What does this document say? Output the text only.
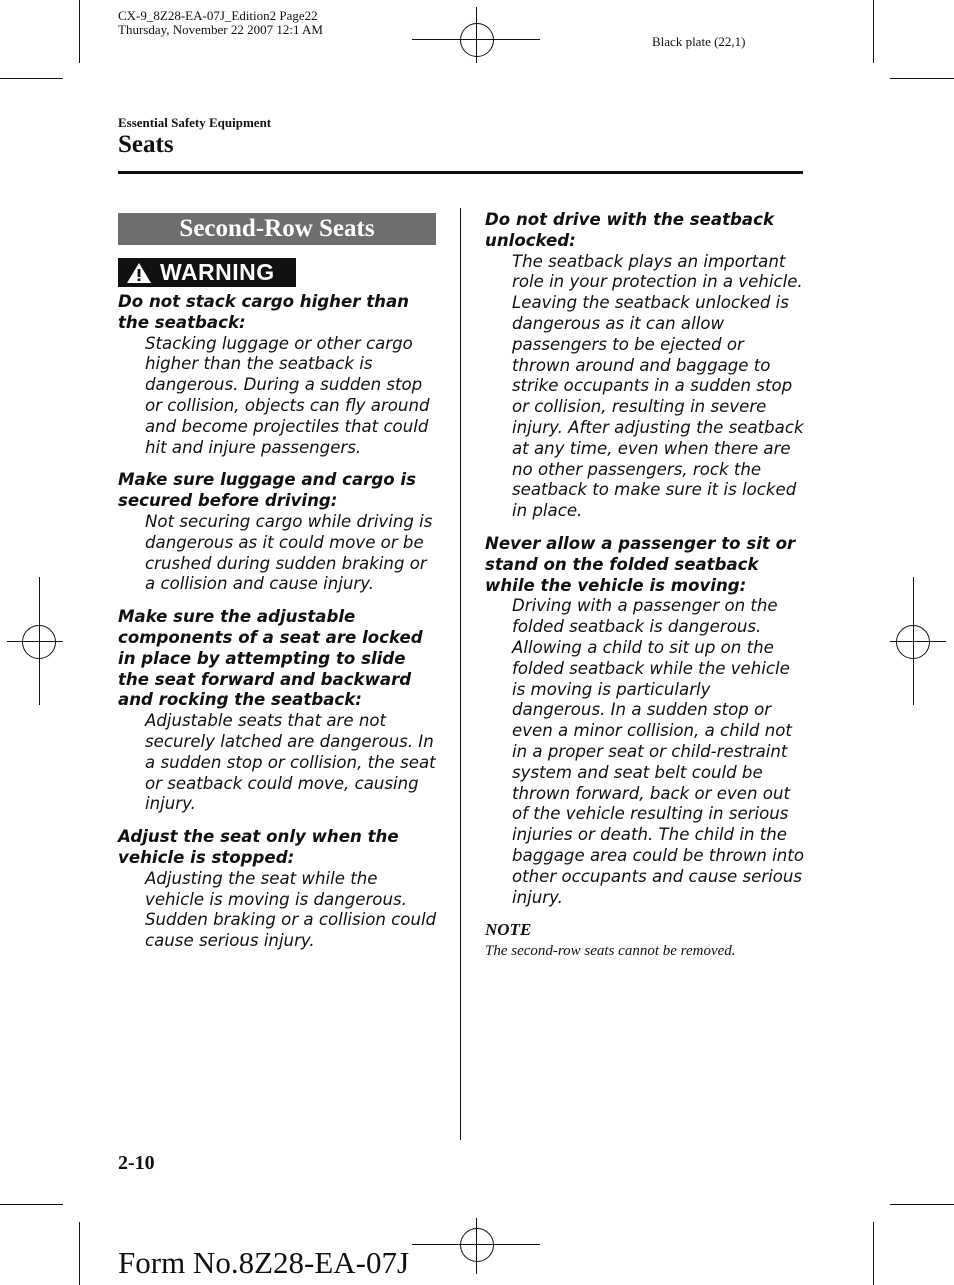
CX-9_8Z28-EA-07J_Edition2 Page22
Thursday, November 22 2007 12:1 AM
Black plate (22,1)
Essential Safety Equipment
Seats
Second-Row Seats
WARNING
Do not stack cargo higher than the seatback:

Stacking luggage or other cargo higher than the seatback is dangerous. During a sudden stop or collision, objects can fly around and become projectiles that could hit and injure passengers.

Make sure luggage and cargo is secured before driving:

Not securing cargo while driving is dangerous as it could move or be crushed during sudden braking or a collision and cause injury.

Make sure the adjustable components of a seat are locked in place by attempting to slide the seat forward and backward and rocking the seatback:

Adjustable seats that are not securely latched are dangerous. In a sudden stop or collision, the seat or seatback could move, causing injury.

Adjust the seat only when the vehicle is stopped:

Adjusting the seat while the vehicle is moving is dangerous. Sudden braking or a collision could cause serious injury.

Do not drive with the seatback unlocked:

The seatback plays an important role in your protection in a vehicle. Leaving the seatback unlocked is dangerous as it can allow passengers to be ejected or thrown around and baggage to strike occupants in a sudden stop or collision, resulting in severe injury. After adjusting the seatback at any time, even when there are no other passengers, rock the seatback to make sure it is locked in place.

Never allow a passenger to sit or stand on the folded seatback while the vehicle is moving:

Driving with a passenger on the folded seatback is dangerous. Allowing a child to sit up on the folded seatback while the vehicle is moving is particularly dangerous. In a sudden stop or even a minor collision, a child not in a proper seat or child-restraint system and seat belt could be thrown forward, back or even out of the vehicle resulting in serious injuries or death. The child in the baggage area could be thrown into other occupants and cause serious injury.

NOTE
The second-row seats cannot be removed.
2-10
Form No.8Z28-EA-07J
